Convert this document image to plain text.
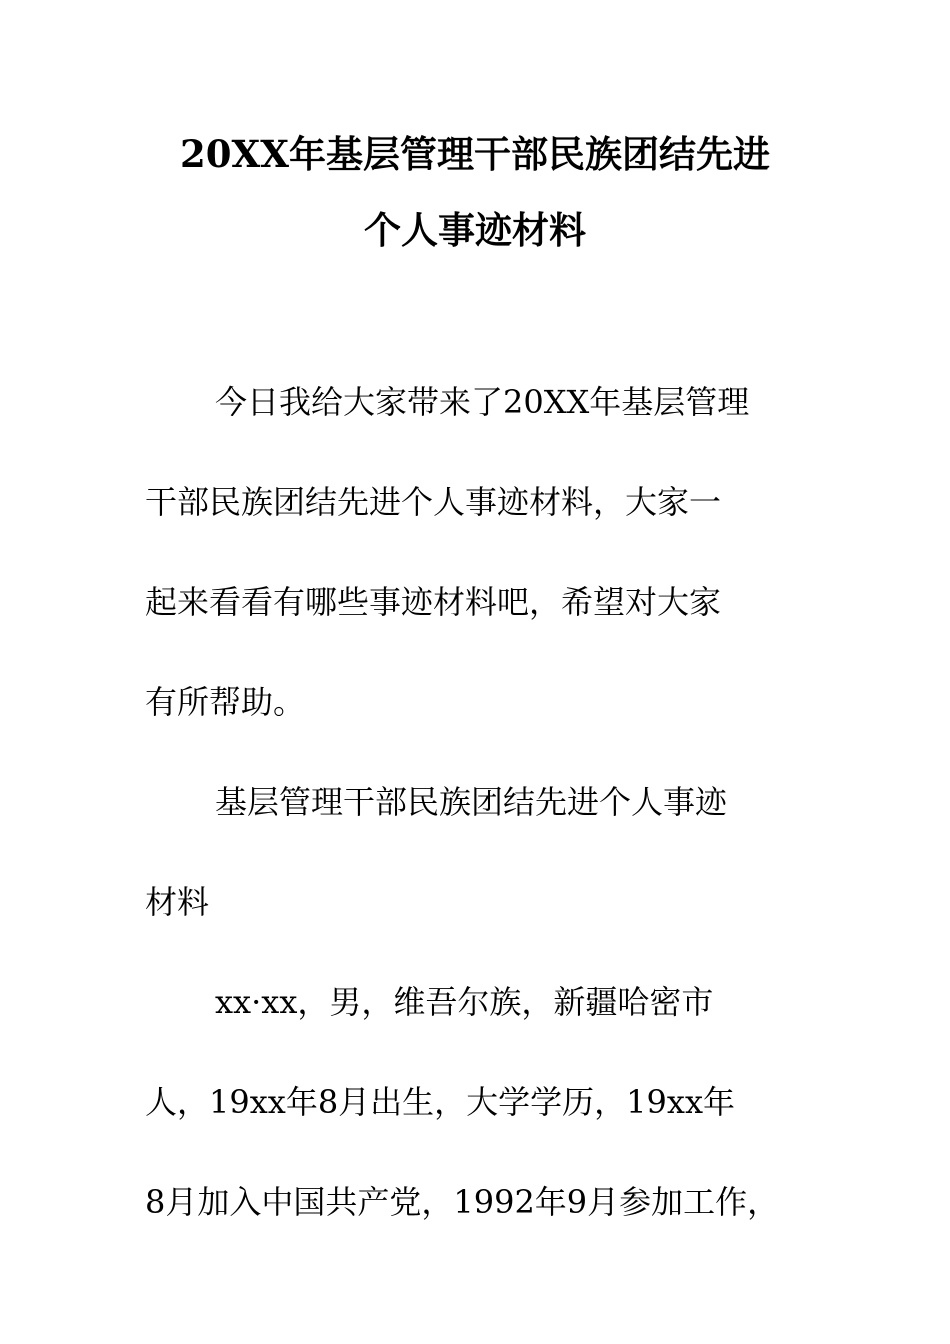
20XX年基层管理干部民族团结先进
个人事迹材料
今日我给大家带来了20XX年基层管理
干部民族团结先进个人事迹材料，大家一
起来看看有哪些事迹材料吧，希望对大家
有所帮助。
基层管理干部民族团结先进个人事迹
材料
xx·xx，男，维吾尔族，新疆哈密市
人，19xx年8月出生，大学学历，19xx年
8月加入中国共产党，1992年9月参加工作，
